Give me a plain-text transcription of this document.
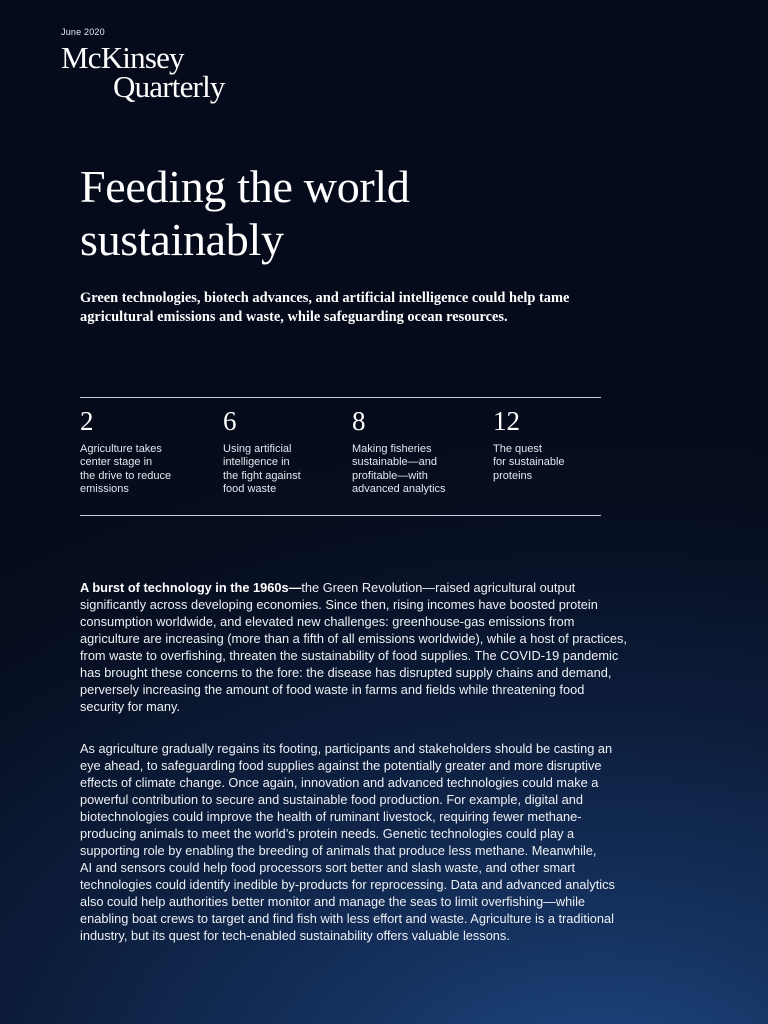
June 2020
McKinsey
Quarterly
Feeding the world
sustainably

Green technologies, biotech advances, and artificial intelligence could help tame
agricultural emissions and waste, while safeguarding ocean resources.

2
Agriculture takes
center stage in
the drive to reduce
emissions
6
Using artificial
intelligence in
the fight against
food waste
8
Making fisheries
sustainable—and
profitable—with
advanced analytics
12
The quest
for sustainable
proteins

A burst of technology in the 1960s—the Green Revolution—raised agricultural output
significantly across developing economies. Since then, rising incomes have boosted protein
consumption worldwide, and elevated new challenges: greenhouse-gas emissions from
agriculture are increasing (more than a fifth of all emissions worldwide), while a host of practices,
from waste to overfishing, threaten the sustainability of food supplies. The COVID-19 pandemic
has brought these concerns to the fore: the disease has disrupted supply chains and demand,
perversely increasing the amount of food waste in farms and fields while threatening food
security for many.

As agriculture gradually regains its footing, participants and stakeholders should be casting an
eye ahead, to safeguarding food supplies against the potentially greater and more disruptive
effects of climate change. Once again, innovation and advanced technologies could make a
powerful contribution to secure and sustainable food production. For example, digital and
biotechnologies could improve the health of ruminant livestock, requiring fewer methane-
producing animals to meet the world’s protein needs. Genetic technologies could play a
supporting role by enabling the breeding of animals that produce less methane. Meanwhile,
AI and sensors could help food processors sort better and slash waste, and other smart
technologies could identify inedible by-products for reprocessing. Data and advanced analytics
also could help authorities better monitor and manage the seas to limit overfishing—while
enabling boat crews to target and find fish with less effort and waste. Agriculture is a traditional
industry, but its quest for tech-enabled sustainability offers valuable lessons.
